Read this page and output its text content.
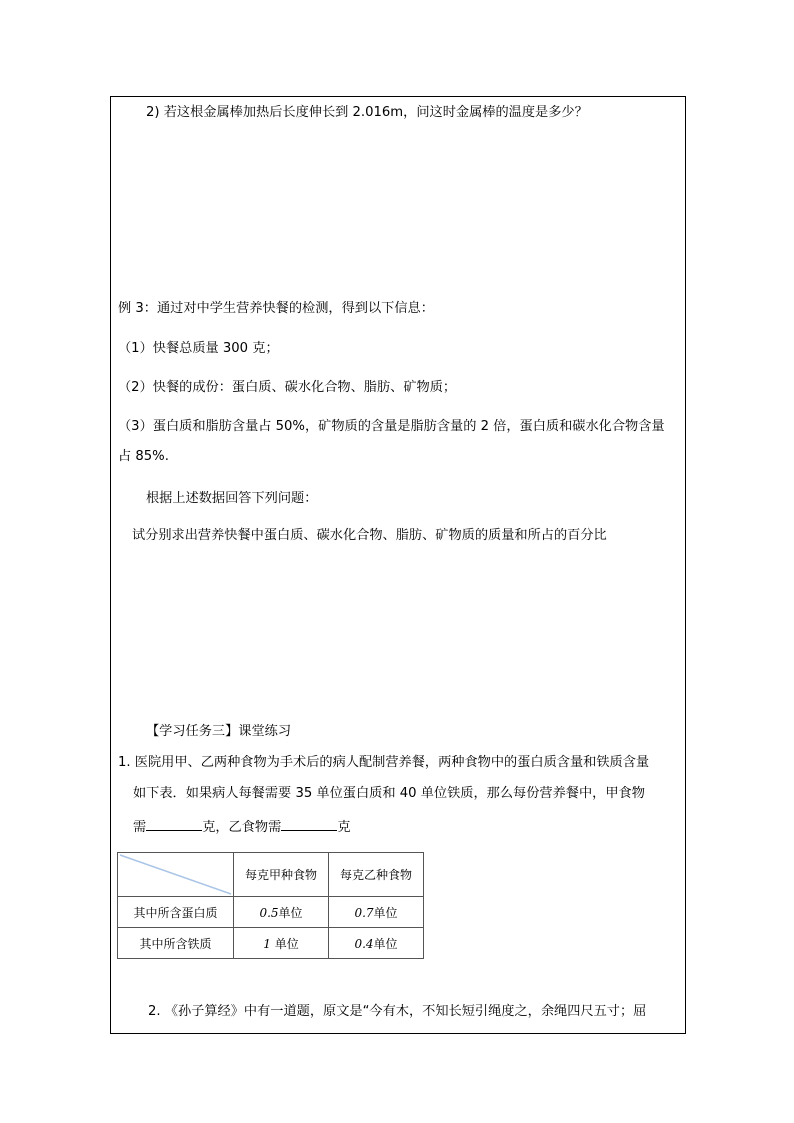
2) 若这根金属棒加热后长度伸长到 2.016m，问这时金属棒的温度是多少？
例 3：通过对中学生营养快餐的检测，得到以下信息：
（1）快餐总质量 300 克；
（2）快餐的成份：蛋白质、碳水化合物、脂肪、矿物质；
（3）蛋白质和脂肪含量占 50%，矿物质的含量是脂肪含量的 2 倍，蛋白质和碳水化合物含量
占 85%.
根据上述数据回答下列问题：
试分别求出营养快餐中蛋白质、碳水化合物、脂肪、矿物质的质量和所占的百分比
【学习任务三】课堂练习
1. 医院用甲、乙两种食物为手术后的病人配制营养餐，两种食物中的蛋白质含量和铁质含量
如下表．如果病人每餐需要 35 单位蛋白质和 40 单位铁质，那么每份营养餐中，甲食物
需	克，乙食物需	克
	每克甲种食物	每克乙种食物
其中所含蛋白质	0.5单位	0.7单位
其中所含铁质	1 单位	0.4单位
2. 《孙子算经》中有一道题，原文是“今有木，不知长短引绳度之，余绳四尺五寸；屈
